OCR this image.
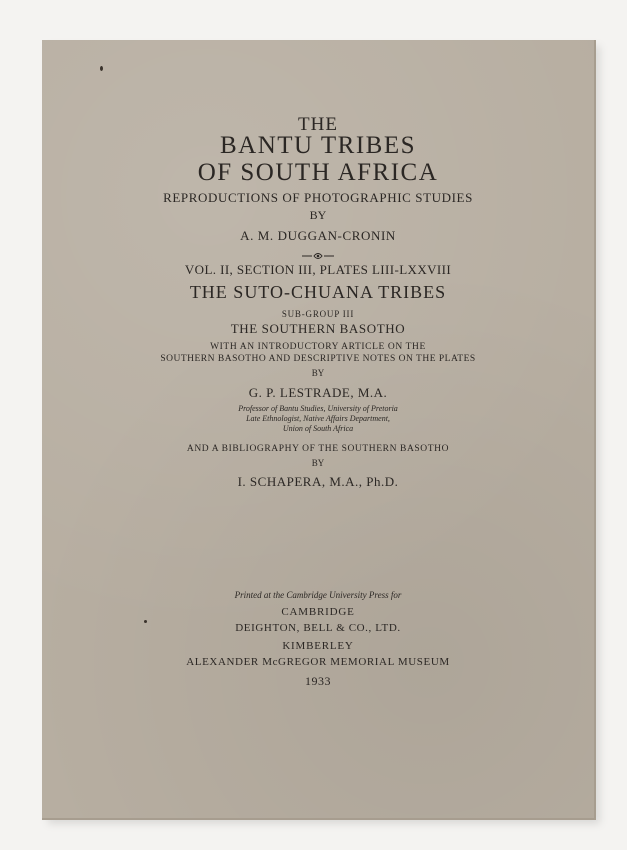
THE
BANTU TRIBES
OF SOUTH AFRICA
REPRODUCTIONS OF PHOTOGRAPHIC STUDIES
BY
A. M. DUGGAN-CRONIN
VOL. II, SECTION III, PLATES LIII-LXXVIII
THE SUTO-CHUANA TRIBES
SUB-GROUP III
THE SOUTHERN BASOTHO
WITH AN INTRODUCTORY ARTICLE ON THE
SOUTHERN BASOTHO AND DESCRIPTIVE NOTES ON THE PLATES
BY
G. P. LESTRADE, M.A.
Professor of Bantu Studies, University of Pretoria
Late Ethnologist, Native Affairs Department,
Union of South Africa
AND A BIBLIOGRAPHY OF THE SOUTHERN BASOTHO
BY
I. SCHAPERA, M.A., Ph.D.
Printed at the Cambridge University Press for
CAMBRIDGE
DEIGHTON, BELL & CO., LTD.
KIMBERLEY
ALEXANDER McGREGOR MEMORIAL MUSEUM
1933
